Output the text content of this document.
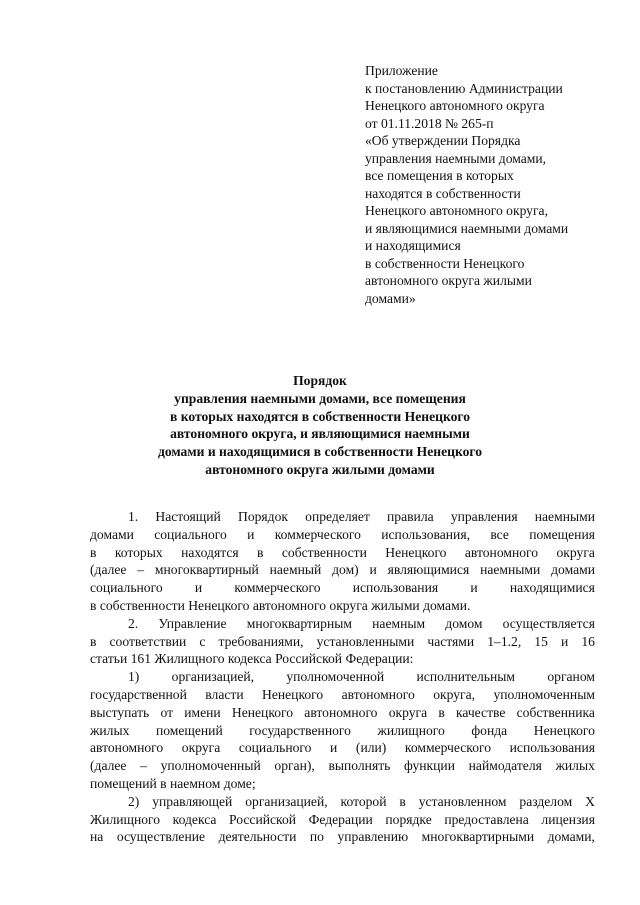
Приложение
к постановлению Администрации
Ненецкого автономного округа
от 01.11.2018 № 265-п
«Об утверждении Порядка
управления наемными домами,
все помещения в которых
находятся в собственности
Ненецкого автономного округа,
и являющимися наемными домами
и находящимися
в собственности Ненецкого
автономного округа жилыми
домами»
Порядок
управления наемными домами, все помещения
в которых находятся в собственности Ненецкого
автономного округа, и являющимися наемными
домами и находящимися в собственности Ненецкого
автономного округа жилыми домами
1. Настоящий Порядок определяет правила управления наемными
домами социального и коммерческого использования, все помещения
в которых находятся в собственности Ненецкого автономного округа
(далее – многоквартирный наемный дом) и являющимися наемными домами
социального и коммерческого использования и находящимися
в собственности Ненецкого автономного округа жилыми домами.
2. Управление многоквартирным наемным домом осуществляется
в соответствии с требованиями, установленными частями 1–1.2, 15 и 16
статьи 161 Жилищного кодекса Российской Федерации:
1) организацией, уполномоченной исполнительным органом
государственной власти Ненецкого автономного округа, уполномоченным
выступать от имени Ненецкого автономного округа в качестве собственника
жилых помещений государственного жилищного фонда Ненецкого
автономного округа социального и (или) коммерческого использования
(далее – уполномоченный орган), выполнять функции наймодателя жилых
помещений в наемном доме;
2) управляющей организацией, которой в установленном разделом X
Жилищного кодекса Российской Федерации порядке предоставлена лицензия
на осуществление деятельности по управлению многоквартирными домами,
